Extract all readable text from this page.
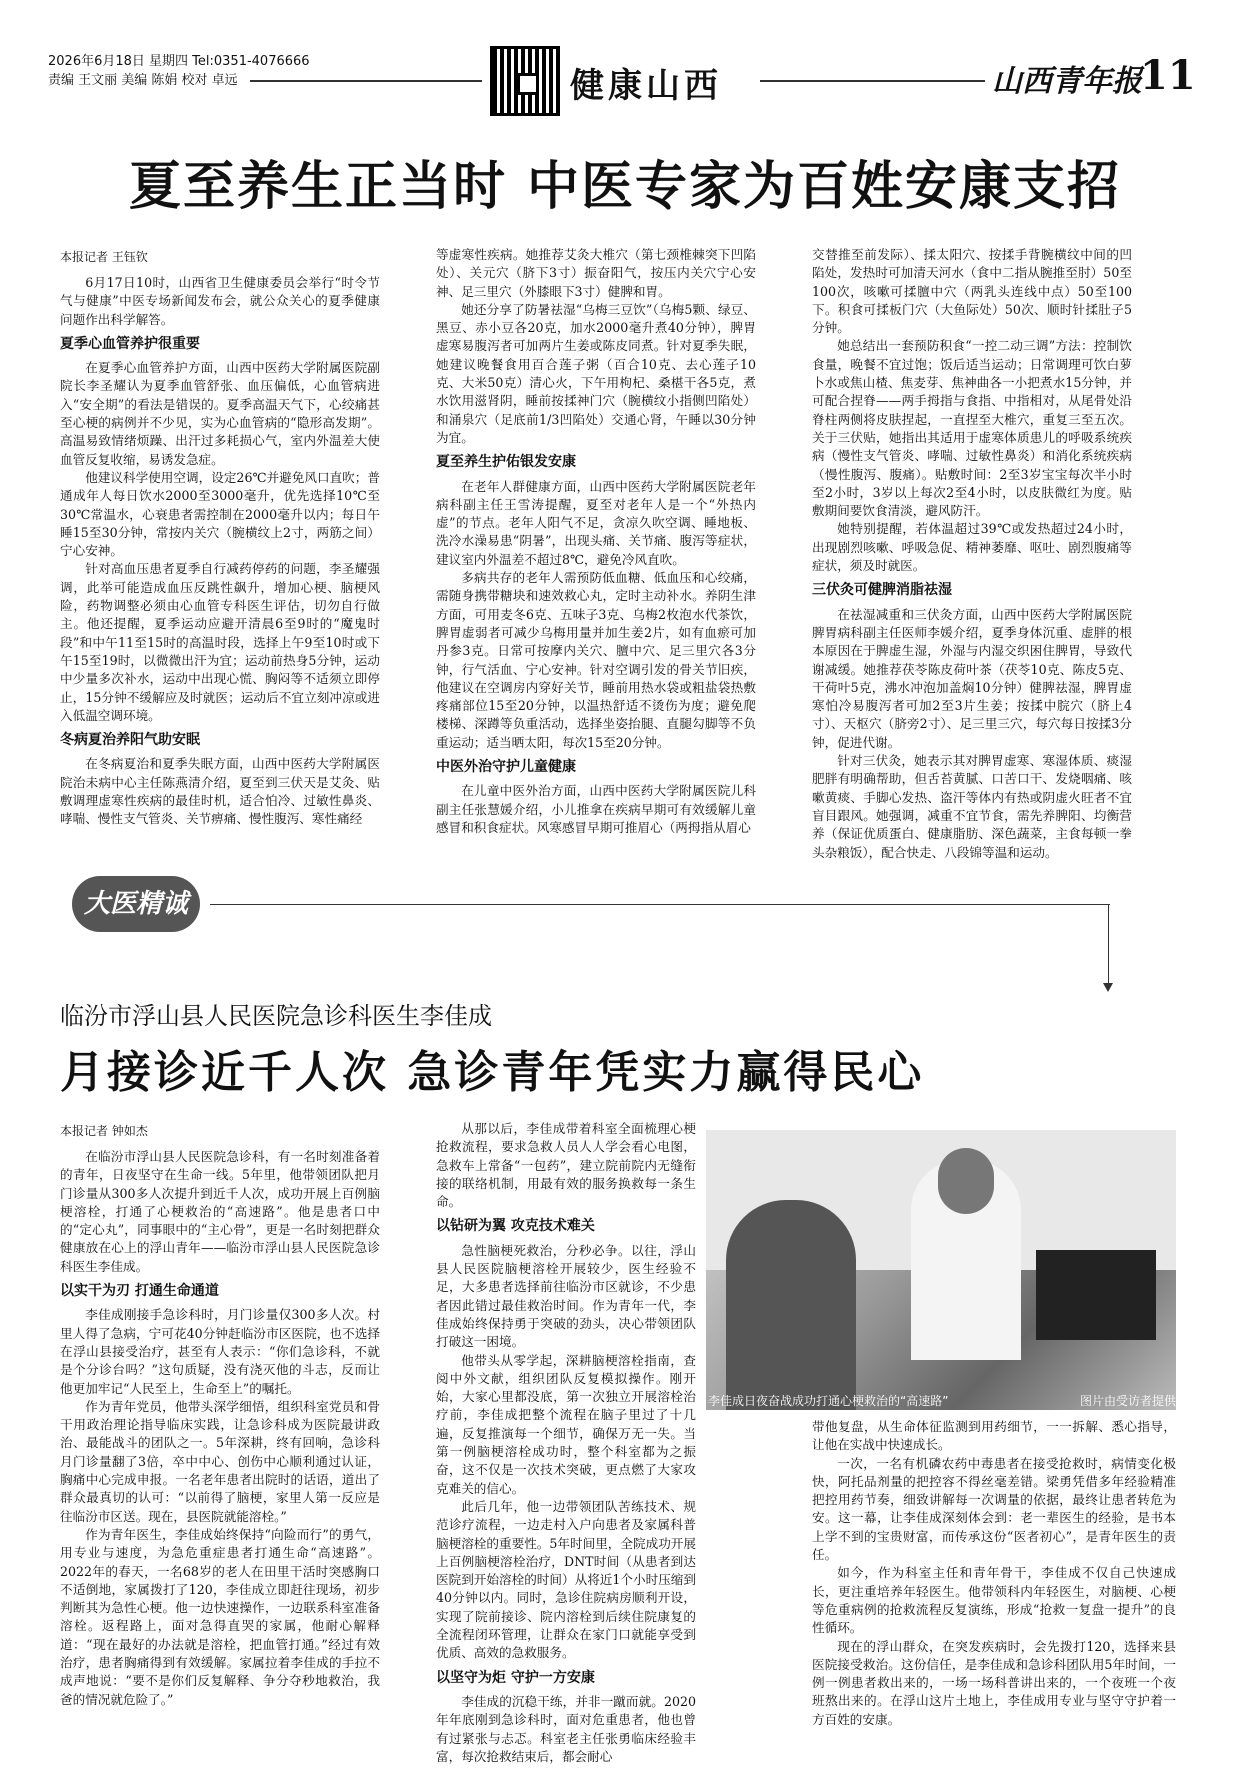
2026年6月18日 星期四 Tel:0351-4076666
责编 王文丽 美编 陈娟 校对 卓远	健康山西	山西青年报
11
夏至养生正当时 中医专家为百姓安康支招
本报记者 王钰钦

6月17日10时，山西省卫生健康委员会举行“时令节气与健康”中医专场新闻发布会，就公众关心的夏季健康问题作出科学解答。

夏季心血管养护很重要

在夏季心血管养护方面，山西中医药大学附属医院副院长李圣耀认为夏季血管舒张、血压偏低，心血管病进入“安全期”的看法是错误的。夏季高温天气下，心绞痛甚至心梗的病例并不少见，实为心血管病的“隐形高发期”。高温易致情绪烦躁、出汗过多耗损心气，室内外温差大使血管反复收缩，易诱发急症。

他建议科学使用空调，设定26℃并避免风口直吹；普通成年人每日饮水2000至3000毫升，优先选择10℃至30℃常温水，心衰患者需控制在2000毫升以内；每日午睡15至30分钟，常按内关穴（腕横纹上2寸，两筋之间）宁心安神。

针对高血压患者夏季自行减药停药的问题，李圣耀强调，此举可能造成血压反跳性飙升，增加心梗、脑梗风险，药物调整必须由心血管专科医生评估，切勿自行做主。他还提醒，夏季运动应避开清晨6至9时的“魔鬼时段”和中午11至15时的高温时段，选择上午9至10时或下午15至19时，以微微出汗为宜；运动前热身5分钟，运动中少量多次补水，运动中出现心慌、胸闷等不适须立即停止，15分钟不缓解应及时就医；运动后不宜立刻冲凉或进入低温空调环境。

冬病夏治养阳气助安眠

在冬病夏治和夏季失眠方面，山西中医药大学附属医院治未病中心主任陈燕清介绍，夏至到三伏天是艾灸、贴敷调理虚寒性疾病的最佳时机，适合怕冷、过敏性鼻炎、哮喘、慢性支气管炎、关节痹痛、慢性腹泻、寒性痛经

等虚寒性疾病。她推荐艾灸大椎穴（第七颈椎棘突下凹陷处）、关元穴（脐下3寸）振奋阳气，按压内关穴宁心安神、足三里穴（外膝眼下3寸）健脾和胃。

她还分享了防暑祛湿“乌梅三豆饮”（乌梅5颗、绿豆、黑豆、赤小豆各20克，加水2000毫升煮40分钟），脾胃虚寒易腹泻者可加两片生姜或陈皮同煮。针对夏季失眠，她建议晚餐食用百合莲子粥（百合10克、去心莲子10克、大米50克）清心火，下午用枸杞、桑椹干各5克，煮水饮用滋肾阴，睡前按揉神门穴（腕横纹小指侧凹陷处）和涌泉穴（足底前1/3凹陷处）交通心肾，午睡以30分钟为宜。

夏至养生护佑银发安康

在老年人群健康方面，山西中医药大学附属医院老年病科副主任王雪涛提醒，夏至对老年人是一个“外热内虚”的节点。老年人阳气不足，贪凉久吹空调、睡地板、洗冷水澡易患“阴暑”，出现头痛、关节痛、腹泻等症状，建议室内外温差不超过8℃，避免冷风直吹。

多病共存的老年人需预防低血糖、低血压和心绞痛，需随身携带糖块和速效救心丸，定时主动补水。养阴生津方面，可用麦冬6克、五味子3克、乌梅2枚泡水代茶饮，脾胃虚弱者可减少乌梅用量并加生姜2片，如有血瘀可加丹参3克。日常可按摩内关穴、膻中穴、足三里穴各3分钟，行气活血、宁心安神。针对空调引发的骨关节旧疾，他建议在空调房内穿好关节，睡前用热水袋或粗盐袋热敷疼痛部位15至20分钟，以温热舒适不烫伤为度；避免爬楼梯、深蹲等负重活动，选择坐姿抬腿、直腿勾脚等不负重运动；适当晒太阳，每次15至20分钟。

中医外治守护儿童健康

在儿童中医外治方面，山西中医药大学附属医院儿科副主任张慧媛介绍，小儿推拿在疾病早期可有效缓解儿童感冒和积食症状。风寒感冒早期可推眉心（两拇指从眉心

交替推至前发际）、揉太阳穴、按揉手背腕横纹中间的凹陷处，发热时可加清天河水（食中二指从腕推至肘）50至100次，咳嗽可揉膻中穴（两乳头连线中点）50至100下。积食可揉板门穴（大鱼际处）50次、顺时针揉肚子5分钟。

她总结出一套预防积食“一控二动三调”方法：控制饮食量，晚餐不宜过饱；饭后适当运动；日常调理可饮白萝卜水或焦山楂、焦麦芽、焦神曲各一小把煮水15分钟，并可配合捏脊——两手拇指与食指、中指相对，从尾骨处沿脊柱两侧将皮肤捏起，一直捏至大椎穴，重复三至五次。关于三伏贴，她指出其适用于虚寒体质患儿的呼吸系统疾病（慢性支气管炎、哮喘、过敏性鼻炎）和消化系统疾病（慢性腹泻、腹痛）。贴敷时间：2至3岁宝宝每次半小时至2小时，3岁以上每次2至4小时，以皮肤微红为度。贴敷期间要饮食清淡，避风防汗。

她特别提醒，若体温超过39℃或发热超过24小时，出现剧烈咳嗽、呼吸急促、精神萎靡、呕吐、剧烈腹痛等症状，须及时就医。

三伏灸可健脾消脂祛湿

在祛湿减重和三伏灸方面，山西中医药大学附属医院脾胃病科副主任医师李媛介绍，夏季身体沉重、虚胖的根本原因在于脾虚生湿，外湿与内湿交织困住脾胃，导致代谢减缓。她推荐茯苓陈皮荷叶茶（茯苓10克、陈皮5克、干荷叶5克，沸水冲泡加盖焖10分钟）健脾祛湿，脾胃虚寒怕冷易腹泻者可加2至3片生姜；按揉中脘穴（脐上4寸）、天枢穴（脐旁2寸）、足三里三穴，每穴每日按揉3分钟，促进代谢。

针对三伏灸，她表示其对脾胃虚寒、寒湿体质、痰湿肥胖有明确帮助，但舌苔黄腻、口苦口干、发烧咽痛、咳嗽黄痰、手脚心发热、盗汗等体内有热或阴虚火旺者不宜盲目跟风。她强调，减重不宜节食，需先养脾阳、均衡营养（保证优质蛋白、健康脂肪、深色蔬菜，主食每顿一拳头杂粮饭），配合快走、八段锦等温和运动。

大医精诚
临汾市浮山县人民医院急诊科医生李佳成
月接诊近千人次 急诊青年凭实力赢得民心
本报记者 钟如杰

在临汾市浮山县人民医院急诊科，有一名时刻准备着的青年，日夜坚守在生命一线。5年里，他带领团队把月门诊量从300多人次提升到近千人次，成功开展上百例脑梗溶栓，打通了心梗救治的“高速路”。他是患者口中的“定心丸”，同事眼中的“主心骨”，更是一名时刻把群众健康放在心上的浮山青年——临汾市浮山县人民医院急诊科医生李佳成。

以实干为刃 打通生命通道

李佳成刚接手急诊科时，月门诊量仅300多人次。村里人得了急病，宁可花40分钟赶临汾市区医院，也不选择在浮山县接受治疗，甚至有人表示：“你们急诊科，不就是个分诊台吗？”这句质疑，没有浇灭他的斗志，反而让他更加牢记“人民至上，生命至上”的嘱托。

作为青年党员，他带头深学细悟，组织科室党员和骨干用政治理论指导临床实践，让急诊科成为医院最讲政治、最能战斗的团队之一。5年深耕，终有回响，急诊科月门诊量翻了3倍，卒中中心、创伤中心顺利通过认证，胸痛中心完成申报。一名老年患者出院时的话语，道出了群众最真切的认可：“以前得了脑梗，家里人第一反应是往临汾市区送。现在，县医院就能溶栓。”

作为青年医生，李佳成始终保持“向险而行”的勇气，用专业与速度，为急危重症患者打通生命“高速路”。2022年的春天，一名68岁的老人在田里干活时突感胸口不适倒地，家属拨打了120，李佳成立即赶往现场，初步判断其为急性心梗。他一边快速操作，一边联系科室准备溶栓。返程路上，面对急得直哭的家属，他耐心解释道：“现在最好的办法就是溶栓，把血管打通。”经过有效治疗，患者胸痛得到有效缓解。家属拉着李佳成的手拉不成声地说：“要不是你们反复解释、争分夺秒地救治，我爸的情况就危险了。”

从那以后，李佳成带着科室全面梳理心梗抢救流程，要求急救人员人人学会看心电图，急救车上常备“一包药”，建立院前院内无缝衔接的联络机制，用最有效的服务换救每一条生命。

以钻研为翼 攻克技术难关

急性脑梗死救治，分秒必争。以往，浮山县人民医院脑梗溶栓开展较少，医生经验不足，大多患者选择前往临汾市区就诊，不少患者因此错过最佳救治时间。作为青年一代，李佳成始终保持勇于突破的劲头，决心带领团队打破这一困境。

他带头从零学起，深耕脑梗溶栓指南，查阅中外文献，组织团队反复模拟操作。刚开始，大家心里都没底，第一次独立开展溶栓治疗前，李佳成把整个流程在脑子里过了十几遍，反复推演每一个细节，确保万无一失。当第一例脑梗溶栓成功时，整个科室都为之振奋，这不仅是一次技术突破，更点燃了大家攻克难关的信心。

此后几年，他一边带领团队苦练技术、规范诊疗流程，一边走村入户向患者及家属科普脑梗溶栓的重要性。5年时间里，全院成功开展上百例脑梗溶栓治疗，DNT时间（从患者到达医院到开始溶栓的时间）从将近1个小时压缩到40分钟以内。同时，急诊住院病房顺利开设，实现了院前接诊、院内溶栓到后续住院康复的全流程闭环管理，让群众在家门口就能享受到优质、高效的急救服务。

以坚守为炬 守护一方安康

李佳成的沉稳干练，并非一蹴而就。2020年年底刚到急诊科时，面对危重患者，他也曾有过紧张与忐忑。科室老主任张勇临床经验丰富，每次抢救结束后，都会耐心

李佳成日夜奋战成功打通心梗救治的“高速路”	图片由受访者提供

带他复盘，从生命体征监测到用药细节，一一拆解、悉心指导，让他在实战中快速成长。

一次，一名有机磷农药中毒患者在接受抢救时，病情变化极快，阿托品剂量的把控容不得丝毫差错。梁勇凭借多年经验精准把控用药节奏，细致讲解每一次调量的依据，最终让患者转危为安。这一幕，让李佳成深刻体会到：老一辈医生的经验，是书本上学不到的宝贵财富，而传承这份“医者初心”，是青年医生的责任。

如今，作为科室主任和青年骨干，李佳成不仅自己快速成长，更注重培养年轻医生。他带领科内年轻医生，对脑梗、心梗等危重病例的抢救流程反复演练，形成“抢救一复盘一提升”的良性循环。

现在的浮山群众，在突发疾病时，会先拨打120，选择来县医院接受救治。这份信任，是李佳成和急诊科团队用5年时间，一例一例患者救出来的，一场一场科普讲出来的，一个夜班一个夜班熬出来的。在浮山这片土地上，李佳成用专业与坚守守护着一方百姓的安康。
